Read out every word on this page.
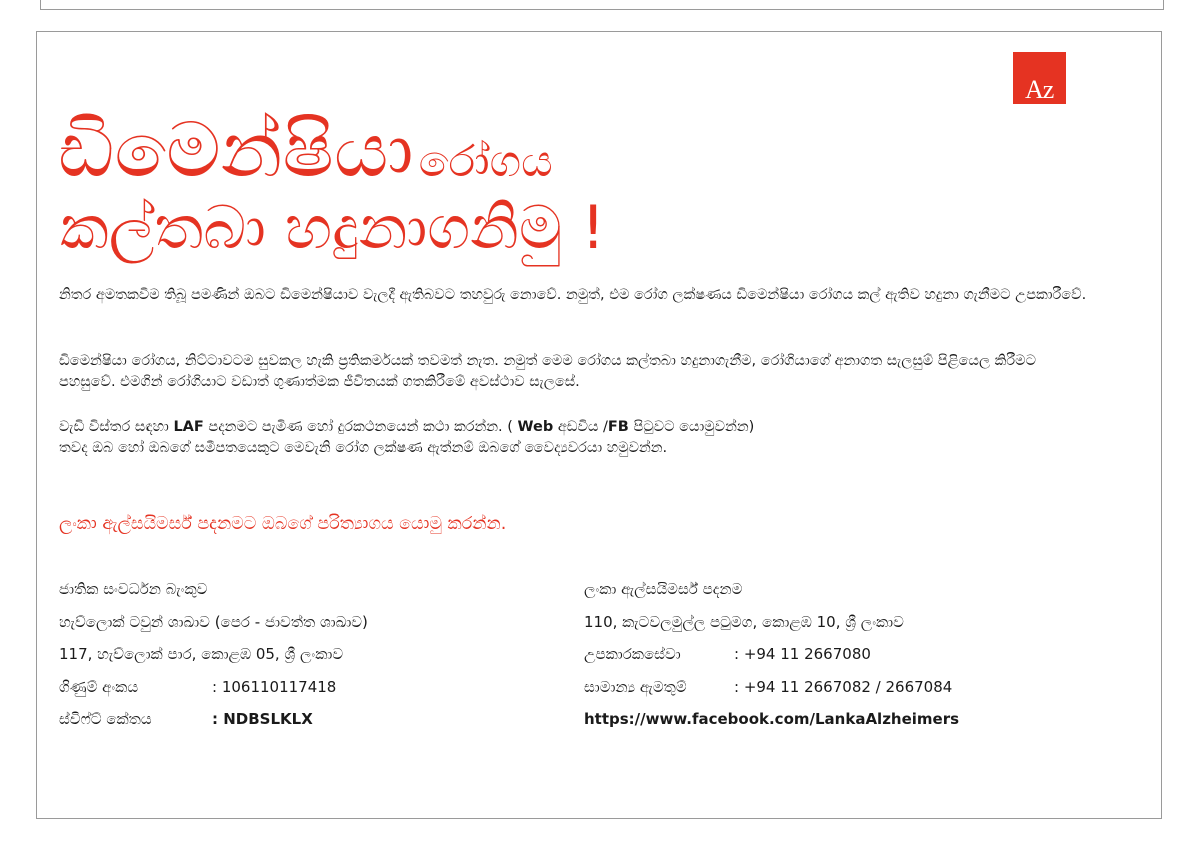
Az
ඩිමෙන්ෂියා රෝගය
කල්තබා හදුනාගනිමු !

නිතර අමතකවීම තිබූ පමණින් ඔබට ඩිමෙන්ෂියාව වැලදී ඇතිබවට තහවුරු නොවේ. නමුත්, එම රෝග ලක්ෂණය ඩිමෙන්ෂියා රෝගය කල් ඇතිව හදුනා ගැනීමට උපකාරීවේ.

ඩිමෙන්ෂියා රෝගය, නිට්ටාවටම සුවකල හැකි ප්‍රතිකර්මයක් තවමත් නැත. නමුත් මෙම රෝගය කල්තබා හදුනාගැනීම, රෝගියාගේ අනාගත සැලසුම් පිළියෙල කිරීමට පහසුවේ. එමගින් රෝගියාට වඩාත් ගුණාත්මක ජීවිතයක් ගතකිරීමේ අවස්ථාව සැලසේ.

වැඩි විස්තර සඳහා LAF පදනමට පැමිණ හෝ දුරකථනයෙන් කථා කරන්න. ( Web අඩවිය /FB පිටුවට යොමුවන්න)
තවද ඔබ හෝ ඔබගේ සමීපතයෙකුට මෙවැනි රෝග ලක්ෂණ ඇත්නම් ඔබගේ වෛද්‍යවරයා හමුවන්න.

ලංකා ඇල්සයිමර්ස් පදනමට ඔබගේ පරිත්‍යාගය යොමු කරන්න.
ජාතික සංවර්ධන බැංකුව
හැව්ලොක් ටවුන් ශාඛාව (පෙර - ජාවත්ත ශාඛාව)
117, හැව්ලොක් පාර, කොළඹ 05, ශ්‍රී ලංකාව
ගිණුම් අංකය	: 106110117418
ස්විෆ්ට් කේතය	: NDBSLKLX
ලංකා ඇල්සයිමර්ස් පදනම
110, කැටවලමුල්ල පටුමග, කොළඹ 10, ශ්‍රී ලංකාව
උපකාරකසේවා	: +94 11 2667080
සාමාන්‍ය ඇමතුම්	: +94 11 2667082 / 2667084
https://www.facebook.com/LankaAlzheimers
